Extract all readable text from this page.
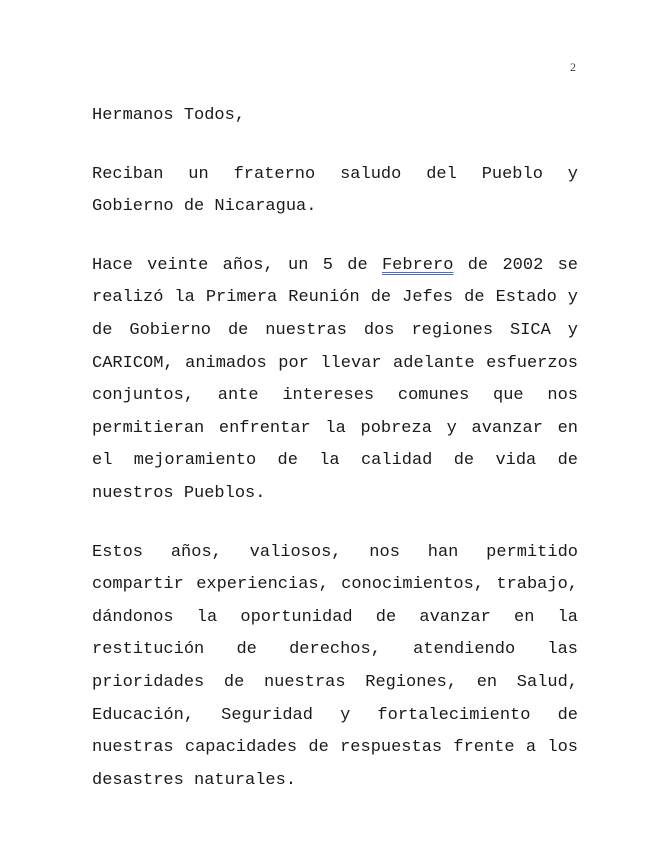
2

Hermanos Todos,

Reciban un fraterno saludo del Pueblo y Gobierno de Nicaragua.

Hace veinte años, un 5 de Febrero de 2002 se realizó la Primera Reunión de Jefes de Estado y de Gobierno de nuestras dos regiones SICA y CARICOM, animados por llevar adelante esfuerzos conjuntos, ante intereses comunes que nos permitieran enfrentar la pobreza y avanzar en el mejoramiento de la calidad de vida de nuestros Pueblos.

Estos años, valiosos, nos han permitido compartir experiencias, conocimientos, trabajo, dándonos la oportunidad de avanzar en la restitución de derechos, atendiendo las prioridades de nuestras Regiones, en Salud, Educación, Seguridad y fortalecimiento de nuestras capacidades de respuestas frente a los desastres naturales.
